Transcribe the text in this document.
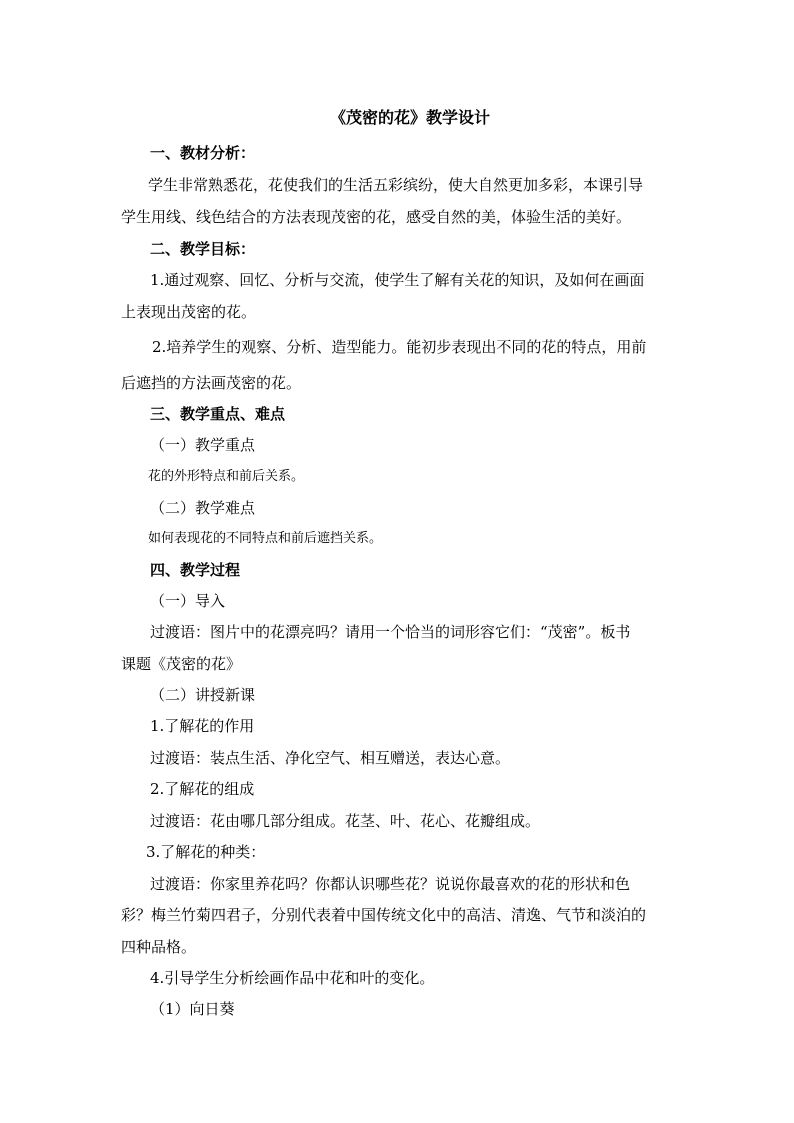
《茂密的花》教学设计
一、教材分析：
学生非常熟悉花，花使我们的生活五彩缤纷，使大自然更加多彩，本课引导
学生用线、线色结合的方法表现茂密的花，感受自然的美，体验生活的美好。
二、教学目标：
1.通过观察、回忆、分析与交流，使学生了解有关花的知识，及如何在画面
上表现出茂密的花。
2.培养学生的观察、分析、造型能力。能初步表现出不同的花的特点，用前
后遮挡的方法画茂密的花。
三、教学重点、难点
（一）教学重点
花的外形特点和前后关系。
（二）教学难点
如何表现花的不同特点和前后遮挡关系。
四、教学过程
（一）导入
过渡语：图片中的花漂亮吗？请用一个恰当的词形容它们：“茂密”。板书
课题《茂密的花》
（二）讲授新课
1.了解花的作用
过渡语：装点生活、净化空气、相互赠送，表达心意。
2.了解花的组成
过渡语：花由哪几部分组成。花茎、叶、花心、花瓣组成。
3.了解花的种类：
过渡语：你家里养花吗？你都认识哪些花？说说你最喜欢的花的形状和色
彩？梅兰竹菊四君子，分别代表着中国传统文化中的高洁、清逸、气节和淡泊的
四种品格。
4.引导学生分析绘画作品中花和叶的变化。
（1）向日葵
